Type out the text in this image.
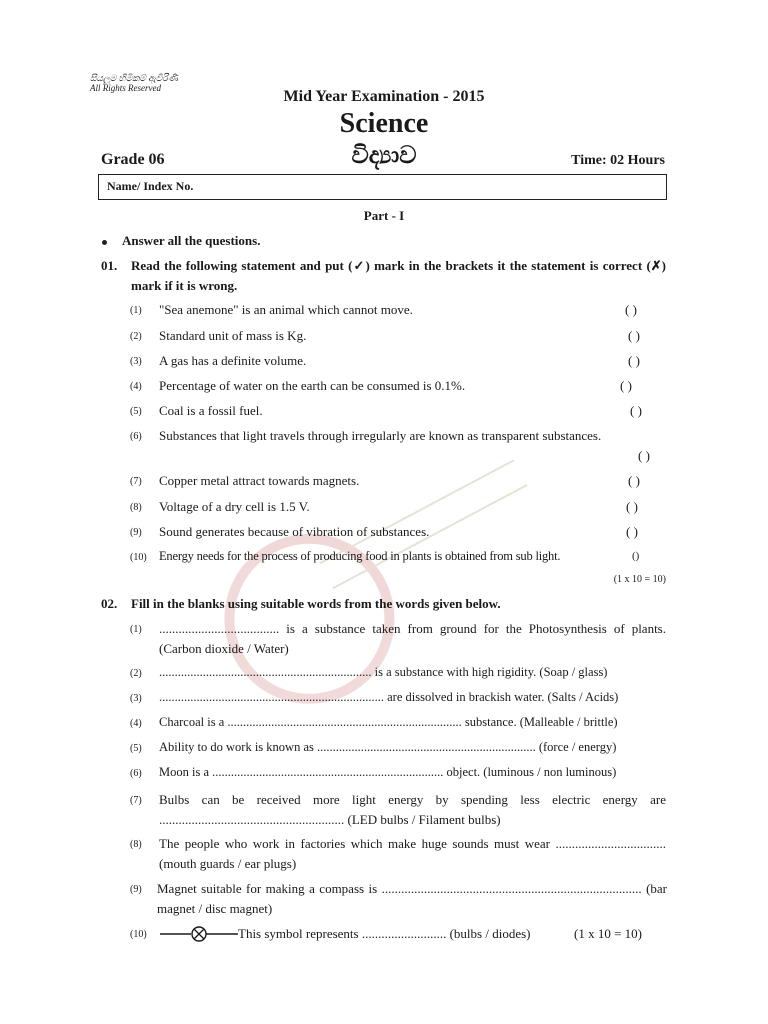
සියලුම හිමිකම් ඇවිරිණි
All Rights Reserved	Mid Year Examination - 2015
Science
විද්‍යාව
Grade 06	Time: 02 Hours
Name/ Index No.
Part - I
Answer all the questions.
01. Read the following statement and put (✓) mark in the brackets it the statement is correct (✗) mark if it is wrong.
(1) "Sea anemone" is an animal which cannot move.	( )
(2) Standard unit of mass is Kg.	( )
(3) A gas has a definite volume.	( )
(4) Percentage of water on the earth can be consumed is 0.1%.	( )
(5) Coal is a fossil fuel.	( )
(6) Substances that light travels through irregularly are known as transparent substances.
( )
(7) Copper metal attract towards magnets.	( )
(8) Voltage of a dry cell is 1.5 V.	( )
(9) Sound generates because of vibration of substances.	( )
(10) Energy needs for the process of producing food in plants is obtained from sub light.	()
(1 x 10 = 10)
02. Fill in the blanks using suitable words from the words given below.
(1) ..................................... is a substance taken from ground for the Photosynthesis of plants. (Carbon dioxide / Water)
(2) .................................................................... is a substance with high rigidity. (Soap / glass)
(3) ........................................................................ are dissolved in brackish water. (Salts / Acids)
(4) Charcoal is a ........................................................................... substance. (Malleable / brittle)
(5) Ability to do work is known as ...................................................................... (force / energy)
(6) Moon is a .......................................................................... object. (luminous / non luminous)
(7) Bulbs can be received more light energy by spending less electric energy are ......................................................... (LED bulbs / Filament bulbs)
(8) The people who work in factories which make huge sounds must wear .................................. (mouth guards / ear plugs)
(9) Magnet suitable for making a compass is ................................................................................ (bar magnet / disc magnet)
(10)	This symbol represents .......................... (bulbs / diodes)	(1 x 10 = 10)
